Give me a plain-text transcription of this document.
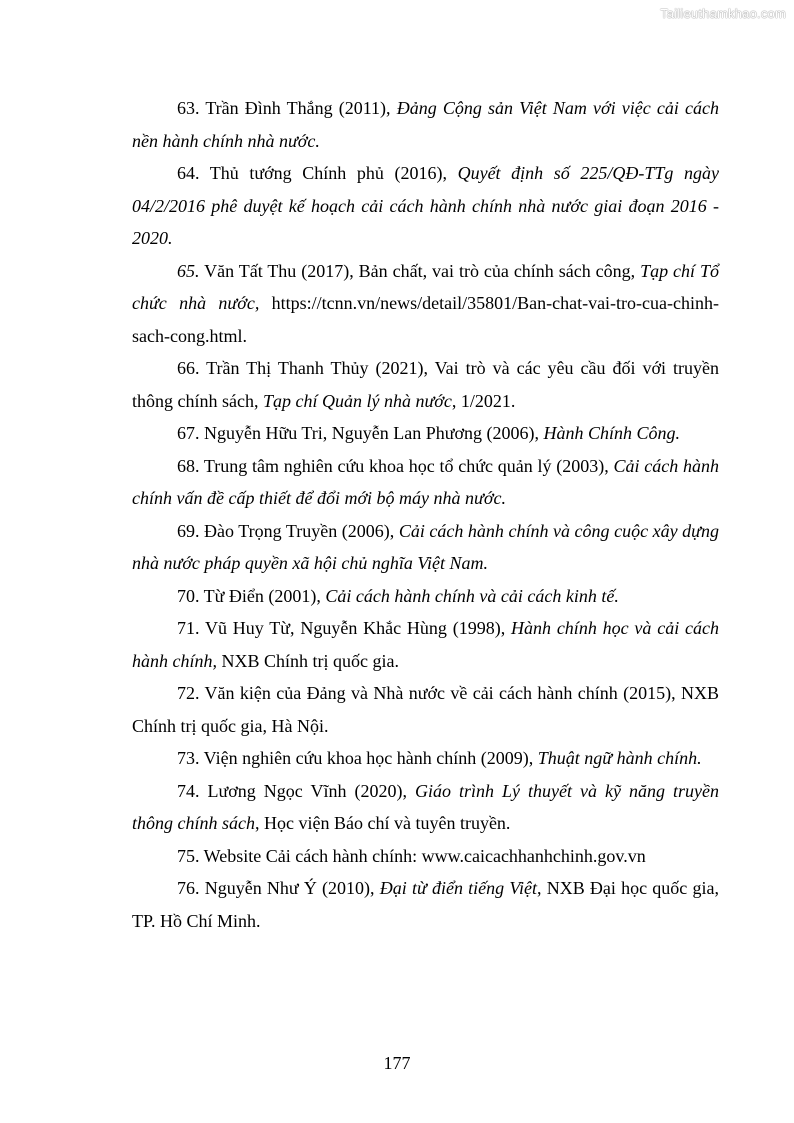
Tailieuthamkhao.com

63. Trần Đình Thắng (2011), Đảng Cộng sản Việt Nam với việc cải cách nền hành chính nhà nước.

64. Thủ tướng Chính phủ (2016), Quyết định số 225/QĐ-TTg ngày 04/2/2016 phê duyệt kế hoạch cải cách hành chính nhà nước giai đoạn 2016 - 2020.

65. Văn Tất Thu (2017), Bản chất, vai trò của chính sách công, Tạp chí Tổ chức nhà nước, https://tcnn.vn/news/detail/35801/Ban-chat-vai-tro-cua-chinh-sach-cong.html.

66. Trần Thị Thanh Thủy (2021), Vai trò và các yêu cầu đối với truyền thông chính sách, Tạp chí Quản lý nhà nước, 1/2021.

67. Nguyễn Hữu Tri, Nguyễn Lan Phương (2006), Hành Chính Công.

68. Trung tâm nghiên cứu khoa học tổ chức quản lý (2003), Cải cách hành chính vấn đề cấp thiết để đổi mới bộ máy nhà nước.

69. Đào Trọng Truyền (2006), Cải cách hành chính và công cuộc xây dựng nhà nước pháp quyền xã hội chủ nghĩa Việt Nam.

70. Từ Điển (2001), Cải cách hành chính và cải cách kinh tế.

71. Vũ Huy Từ, Nguyễn Khắc Hùng (1998), Hành chính học và cải cách hành chính, NXB Chính trị quốc gia.

72. Văn kiện của Đảng và Nhà nước về cải cách hành chính (2015), NXB Chính trị quốc gia, Hà Nội.

73. Viện nghiên cứu khoa học hành chính (2009), Thuật ngữ hành chính.

74. Lương Ngọc Vĩnh (2020), Giáo trình Lý thuyết và kỹ năng truyền thông chính sách, Học viện Báo chí và tuyên truyền.

75. Website Cải cách hành chính: www.caicachhanhchinh.gov.vn

76. Nguyễn Như Ý (2010), Đại từ điển tiếng Việt, NXB Đại học quốc gia, TP. Hồ Chí Minh.

177
